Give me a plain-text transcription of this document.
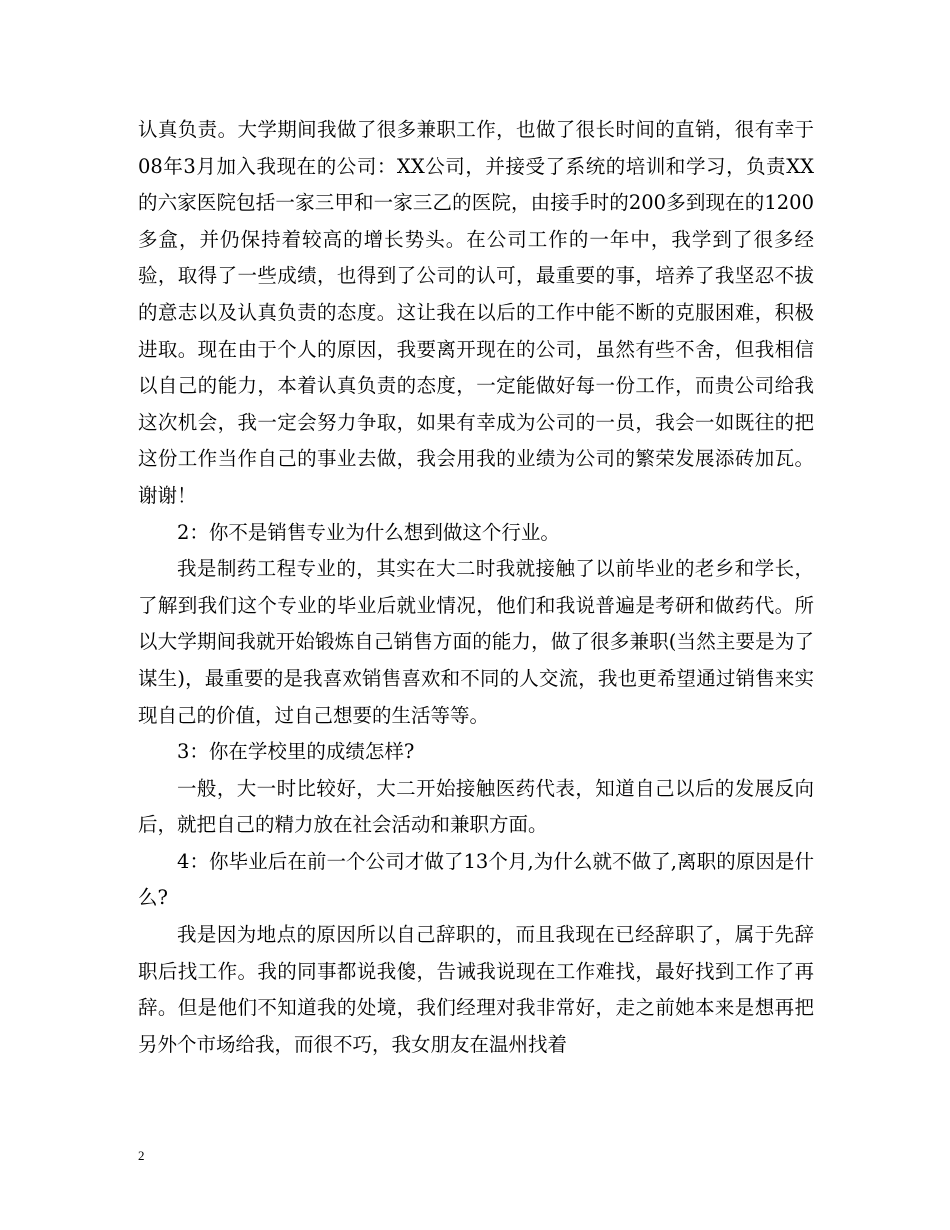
认真负责。大学期间我做了很多兼职工作，也做了很长时间的直销，很有幸于08年3月加入我现在的公司：XX公司，并接受了系统的培训和学习，负责XX的六家医院包括一家三甲和一家三乙的医院，由接手时的200多到现在的1200多盒，并仍保持着较高的增长势头。在公司工作的一年中，我学到了很多经验，取得了一些成绩，也得到了公司的认可，最重要的事，培养了我坚忍不拔的意志以及认真负责的态度。这让我在以后的工作中能不断的克服困难，积极进取。现在由于个人的原因，我要离开现在的公司，虽然有些不舍，但我相信以自己的能力，本着认真负责的态度，一定能做好每一份工作，而贵公司给我这次机会，我一定会努力争取，如果有幸成为公司的一员，我会一如既往的把这份工作当作自己的事业去做，我会用我的业绩为公司的繁荣发展添砖加瓦。谢谢！

2：你不是销售专业为什么想到做这个行业。

我是制药工程专业的，其实在大二时我就接触了以前毕业的老乡和学长，了解到我们这个专业的毕业后就业情况，他们和我说普遍是考研和做药代。所以大学期间我就开始锻炼自己销售方面的能力，做了很多兼职(当然主要是为了谋生)，最重要的是我喜欢销售喜欢和不同的人交流，我也更希望通过销售来实现自己的价值，过自己想要的生活等等。

3：你在学校里的成绩怎样?

一般，大一时比较好，大二开始接触医药代表，知道自己以后的发展反向后，就把自己的精力放在社会活动和兼职方面。

4：你毕业后在前一个公司才做了13个月,为什么就不做了,离职的原因是什么?

我是因为地点的原因所以自己辞职的，而且我现在已经辞职了，属于先辞职后找工作。我的同事都说我傻，告诫我说现在工作难找，最好找到工作了再辞。但是他们不知道我的处境，我们经理对我非常好，走之前她本来是想再把另外个市场给我，而很不巧，我女朋友在温州找着

2
